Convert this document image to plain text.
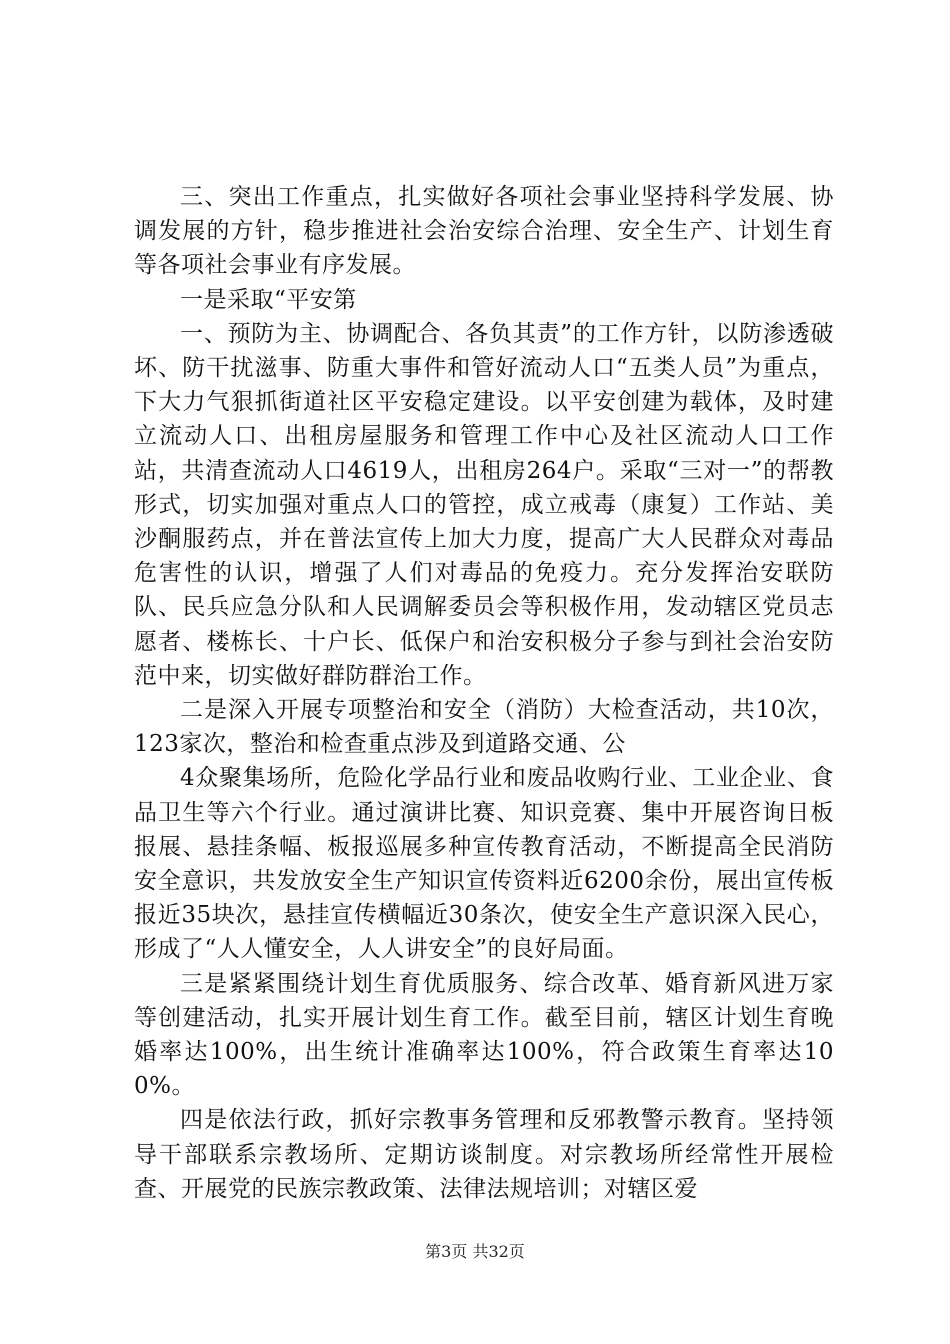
三、突出工作重点，扎实做好各项社会事业坚持科学发展、协调发展的方针，稳步推进社会治安综合治理、安全生产、计划生育等各项社会事业有序发展。

一是采取“平安第

一、预防为主、协调配合、各负其责”的工作方针，以防渗透破坏、防干扰滋事、防重大事件和管好流动人口“五类人员”为重点，下大力气狠抓街道社区平安稳定建设。以平安创建为载体，及时建立流动人口、出租房屋服务和管理工作中心及社区流动人口工作站，共清查流动人口4619人，出租房264户。采取“三对一”的帮教形式，切实加强对重点人口的管控，成立戒毒（康复）工作站、美沙酮服药点，并在普法宣传上加大力度，提高广大人民群众对毒品危害性的认识，增强了人们对毒品的免疫力。充分发挥治安联防队、民兵应急分队和人民调解委员会等积极作用，发动辖区党员志愿者、楼栋长、十户长、低保户和治安积极分子参与到社会治安防范中来，切实做好群防群治工作。

二是深入开展专项整治和安全（消防）大检查活动，共10次，123家次，整治和检查重点涉及到道路交通、公

4众聚集场所，危险化学品行业和废品收购行业、工业企业、食品卫生等六个行业。通过演讲比赛、知识竞赛、集中开展咨询日板报展、悬挂条幅、板报巡展多种宣传教育活动，不断提高全民消防安全意识，共发放安全生产知识宣传资料近6200余份，展出宣传板报近35块次，悬挂宣传横幅近30条次，使安全生产意识深入民心，形成了“人人懂安全，人人讲安全”的良好局面。

三是紧紧围绕计划生育优质服务、综合改革、婚育新风进万家等创建活动，扎实开展计划生育工作。截至目前，辖区计划生育晚婚率达100%，出生统计准确率达100%，符合政策生育率达100%。

四是依法行政，抓好宗教事务管理和反邪教警示教育。坚持领导干部联系宗教场所、定期访谈制度。对宗教场所经常性开展检查、开展党的民族宗教政策、法律法规培训；对辖区爱

第3页 共32页
